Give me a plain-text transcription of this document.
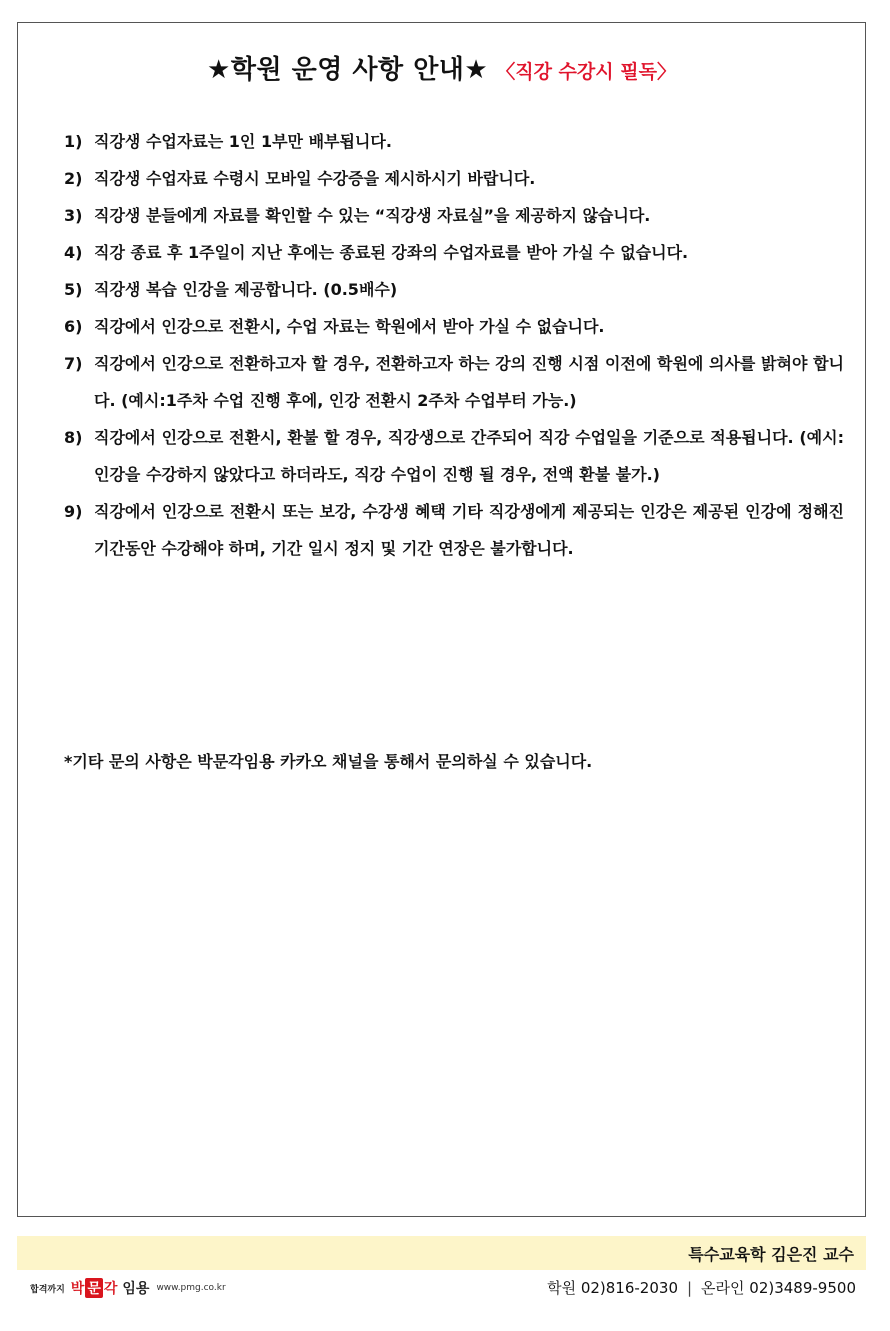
★학원 운영 사항 안내★ 〈직강 수강시 필독〉
1) 직강생 수업자료는 1인 1부만 배부됩니다.
2) 직강생 수업자료 수령시 모바일 수강증을 제시하시기 바랍니다.
3) 직강생 분들에게 자료를 확인할 수 있는 “직강생 자료실”을 제공하지 않습니다.
4) 직강 종료 후 1주일이 지난 후에는 종료된 강좌의 수업자료를 받아 가실 수 없습니다.
5) 직강생 복습 인강을 제공합니다. (0.5배수)
6) 직강에서 인강으로 전환시, 수업 자료는 학원에서 받아 가실 수 없습니다.
7) 직강에서 인강으로 전환하고자 할 경우, 전환하고자 하는 강의 진행 시점 이전에 학원에 의사를 밝혀야 합니다. (예시:1주차 수업 진행 후에, 인강 전환시 2주차 수업부터 가능.)
8) 직강에서 인강으로 전환시, 환불 할 경우, 직강생으로 간주되어 직강 수업일을 기준으로 적용됩니다. (예시:인강을 수강하지 않았다고 하더라도, 직강 수업이 진행 될 경우, 전액 환불 불가.)
9) 직강에서 인강으로 전환시 또는 보강, 수강생 혜택 기타 직강생에게 제공되는 인강은 제공된 인강에 정해진 기간동안 수강해야 하며, 기간 일시 정지 및 기간 연장은 불가합니다.
*기타 문의 사항은 박문각임용 카카오 채널을 통해서 문의하실 수 있습니다.
특수교육학 김은진 교수
합격까지 박 문 각 임용 www.pmg.co.kr	학원 02)816-2030 | 온라인 02)3489-9500
